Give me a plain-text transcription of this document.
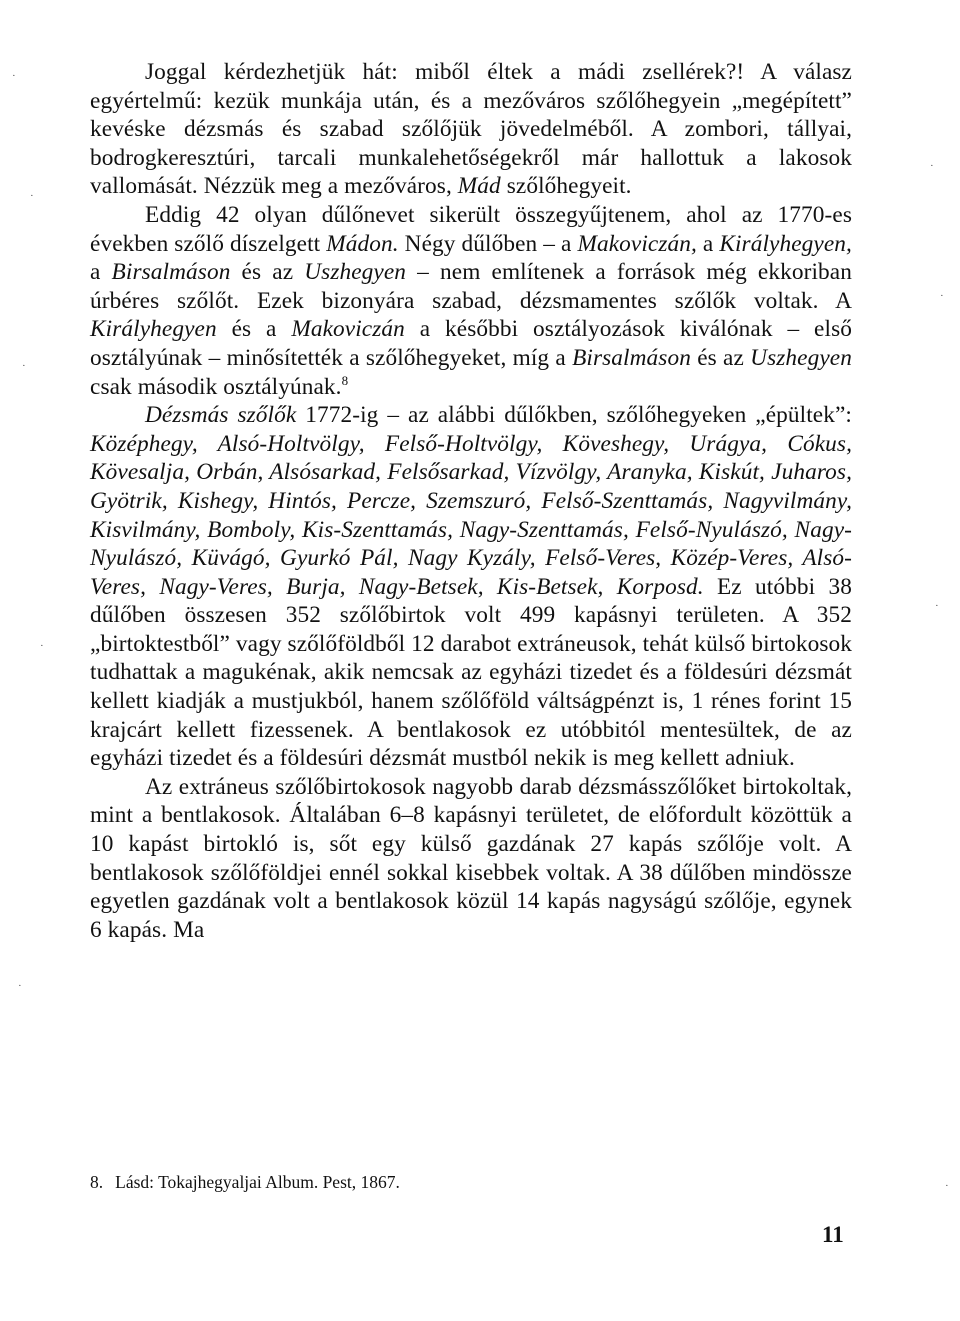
Joggal kérdezhetjük hát: miből éltek a mádi zsellérek?! A válasz egyértelmű: kezük munkája után, és a mezőváros szőlőhegyein „megépített” kevéske dézsmás és szabad szőlőjük jövedelméből. A zombori, tállyai, bodrogkeresztúri, tarcali munkalehetőségekről már hallottuk a lakosok vallomását. Nézzük meg a mezőváros, Mád szőlőhegyeit.

Eddig 42 olyan dűlőnevet sikerült összegyűjtenem, ahol az 1770-es években szőlő díszelgett Mádon. Négy dűlőben – a Makoviczán, a Királyhegyen, a Birsalmáson és az Uszhegyen – nem említenek a források még ekkoriban úrbéres szőlőt. Ezek bizonyára szabad, dézsmamentes szőlők voltak. A Királyhegyen és a Makoviczán a későbbi osztályozások kiválónak – első osztályúnak – minősítették a szőlőhegyeket, míg a Birsalmáson és az Uszhegyen csak második osztályúnak.$^8$

Dézsmás szőlők 1772-ig – az alábbi dűlőkben, szőlőhegyeken „épültek”: Középhegy, Alsó-Holtvölgy, Felső-Holtvölgy, Köveshegy, Urágya, Cókus, Kövesalja, Orbán, Alsósarkad, Felsősarkad, Vízvölgy, Aranyka, Kiskút, Juharos, Gyötrik, Kishegy, Hintós, Percze, Szemszuró, Felső-Szenttamás, Nagyvilmány, Kisvilmány, Bomboly, Kis-Szenttamás, Nagy-Szenttamás, Felső-Nyulászó, Nagy-Nyulászó, Küvágó, Gyurkó Pál, Nagy Kyzály, Felső-Veres, Közép-Veres, Alsó-Veres, Nagy-Veres, Burja, Nagy-Betsek, Kis-Betsek, Korposd. Ez utóbbi 38 dűlőben összesen 352 szőlőbirtok volt 499 kapásnyi területen. A 352 „birtoktestből” vagy szőlőföldből 12 darabot extráneusok, tehát külső birtokosok tudhattak a magukénak, akik nemcsak az egyházi tizedet és a földesúri dézsmát kellett kiadják a mustjukból, hanem szőlőföld váltságpénzt is, 1 rénes forint 15 krajcárt kellett fizessenek. A bentlakosok ez utóbbitól mentesültek, de az egyházi tizedet és a földesúri dézsmát mustból nekik is meg kellett adniuk.

Az extráneus szőlőbirtokosok nagyobb darab dézsmásszőlőket birtokoltak, mint a bentlakosok. Általában 6–8 kapásnyi területet, de előfordult közöttük a 10 kapást birtokló is, sőt egy külső gazdának 27 kapás szőlője volt. A bentlakosok szőlőföldjei ennél sokkal kisebbek voltak. A 38 dűlőben mindössze egyetlen gazdának volt a bentlakosok közül 14 kapás nagyságú szőlője, egynek 6 kapás. Ma

8. Lásd: Tokajhegyaljai Album. Pest, 1867.
11
·
·
·
·
·
·
·
·
·
